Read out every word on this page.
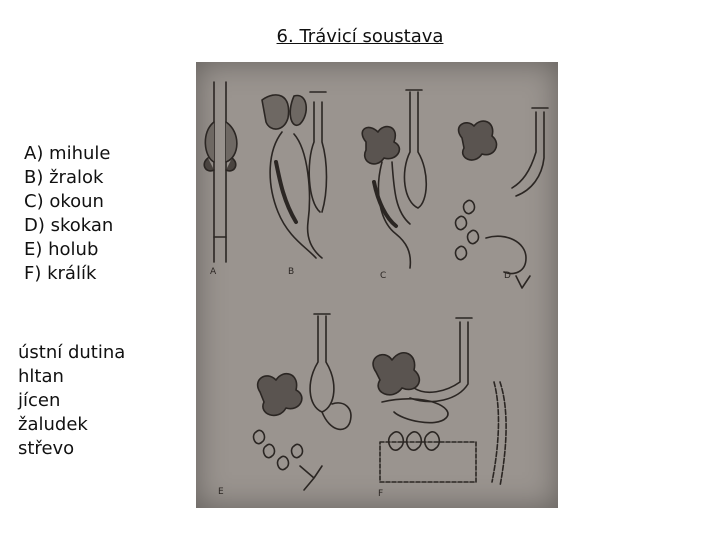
6. Trávicí soustava
A) mihule
B) žralok
C) okoun
D) skokan
E) holub
F) králík
ústní dutina
hltan
jícen
žaludek
střevo
A	B	C	D
E	F
